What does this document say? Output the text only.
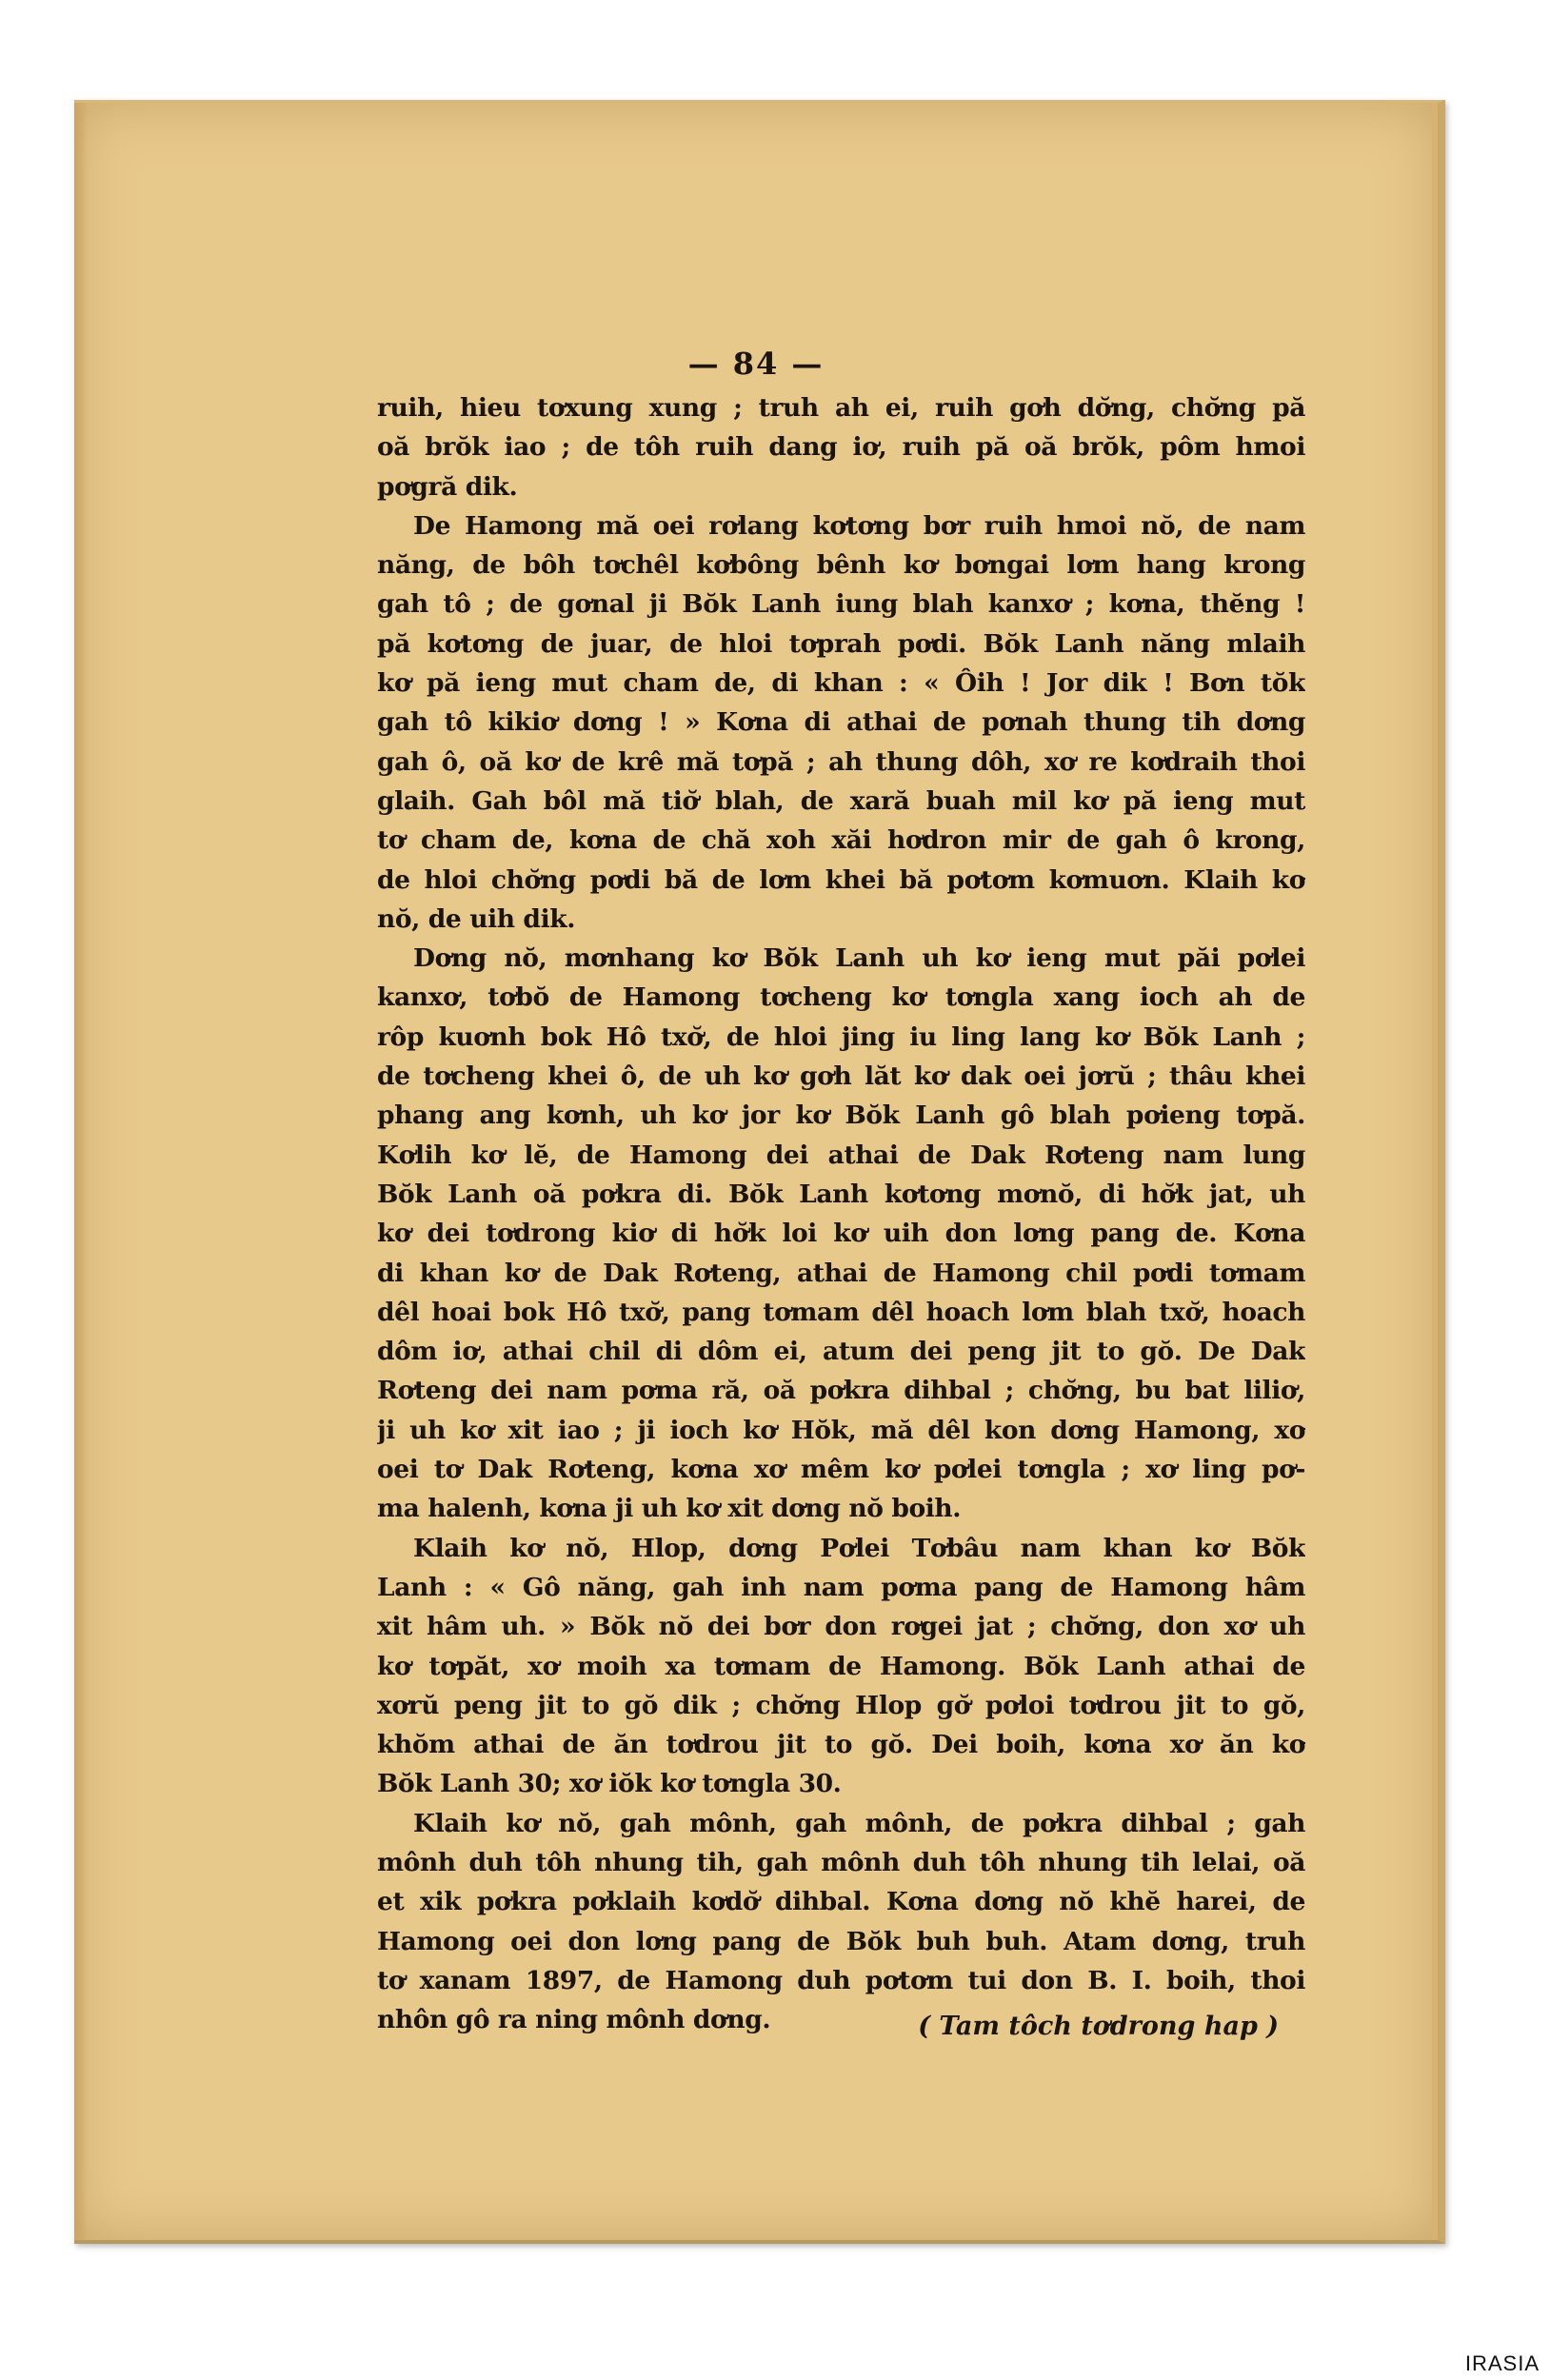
— 84 —
ruih, hieu tơxung xung ; truh ah ei, ruih gơh dơ̆ng, chơ̆ng pă
oă brŏk iao ; de tôh ruih dang iơ, ruih pă oă brŏk, pôm hmoi
pơgră dik.
De Hamong mă oei rơlang kơtơng bơr ruih hmoi nŏ, de nam
năng, de bôh tơchêl kơbông bênh kơ bơngai lơm hang krong
gah tô ; de gơnal ji Bŏk Lanh iung blah kanxơ ; kơna, thĕng !
pă kơtơng de juar, de hloi tơprah pơdi. Bŏk Lanh năng mlaih
kơ pă ieng mut cham de, di khan : « Ôih ! Jor dik ! Bơn tŏk
gah tô kikiơ dơng ! » Kơna di athai de pơnah thung tih dơng
gah ô, oă kơ de krê mă tơpă ; ah thung dôh, xơ re kơdraih thoi
glaih. Gah bôl mă tiơ̆ blah, de xară buah mil kơ pă ieng mut
tơ cham de, kơna de chă xoh xăi hơdron mir de gah ô krong,
de hloi chơ̆ng pơdi bă de lơm khei bă pơtơm kơmuơn. Klaih kơ
nŏ, de uih dik.
Dơng nŏ, mơnhang kơ Bŏk Lanh uh kơ ieng mut păi pơlei
kanxơ, tơbŏ de Hamong tơcheng kơ tơngla xang ioch ah de
rôp kuơnh bok Hô txơ̆, de hloi jing iu ling lang kơ Bŏk Lanh ;
de tơcheng khei ô, de uh kơ gơh lăt kơ dak oei jơrŭ ; thâu khei
phang ang kơnh, uh kơ jor kơ Bŏk Lanh gô blah pơieng tơpă.
Kơlih kơ lĕ, de Hamong dei athai de Dak Rơteng nam lung
Bŏk Lanh oă pơkra di. Bŏk Lanh kơtơng mơnŏ, di hơ̆k jat, uh
kơ dei tơdrong kiơ di hơ̆k loi kơ uih don lơng pang de. Kơna
di khan kơ de Dak Rơteng, athai de Hamong chil pơdi tơmam
dêl hoai bok Hô txơ̆, pang tơmam dêl hoach lơm blah txơ̆, hoach
dôm iơ, athai chil di dôm ei, atum dei peng jit to gŏ. De Dak
Rơteng dei nam pơma ră, oă pơkra dihbal ; chơ̆ng, bu bat liliơ,
ji uh kơ xit iao ; ji ioch kơ Hŏk, mă dêl kon dơng Hamong, xơ
oei tơ Dak Rơteng, kơna xơ mêm kơ pơlei tơngla ; xơ ling pơ-
ma halenh, kơna ji uh kơ xit dơng nŏ boih.
Klaih kơ nŏ, Hlop, dơng Pơlei Tơbâu nam khan kơ Bŏk
Lanh : « Gô năng, gah inh nam pơma pang de Hamong hâm
xit hâm uh. » Bŏk nŏ dei bơr don rơgei jat ; chơ̆ng, don xơ uh
kơ tơpăt, xơ moih xa tơmam de Hamong. Bŏk Lanh athai de
xơrŭ peng jit to gŏ dik ; chơ̆ng Hlop gơ̆ pơloi tơdrou jit to gŏ,
khŏm athai de ăn tơdrou jit to gŏ. Dei boih, kơna xơ ăn kơ
Bŏk Lanh 30; xơ iŏk kơ tơngla 30.
Klaih kơ nŏ, gah mônh, gah mônh, de pơkra dihbal ; gah
mônh duh tôh nhung tih, gah mônh duh tôh nhung tih lelai, oă
et xik pơkra pơklaih kơdơ̆ dihbal. Kơna dơng nŏ khĕ harei, de
Hamong oei don lơng pang de Bŏk buh buh. Atam dơng, truh
tơ xanam 1897, de Hamong duh pơtơm tui don B. I. boih, thoi
nhôn gô ra ning mônh dơng.	( Tam tôch tơdrong hap )
IRASIA
